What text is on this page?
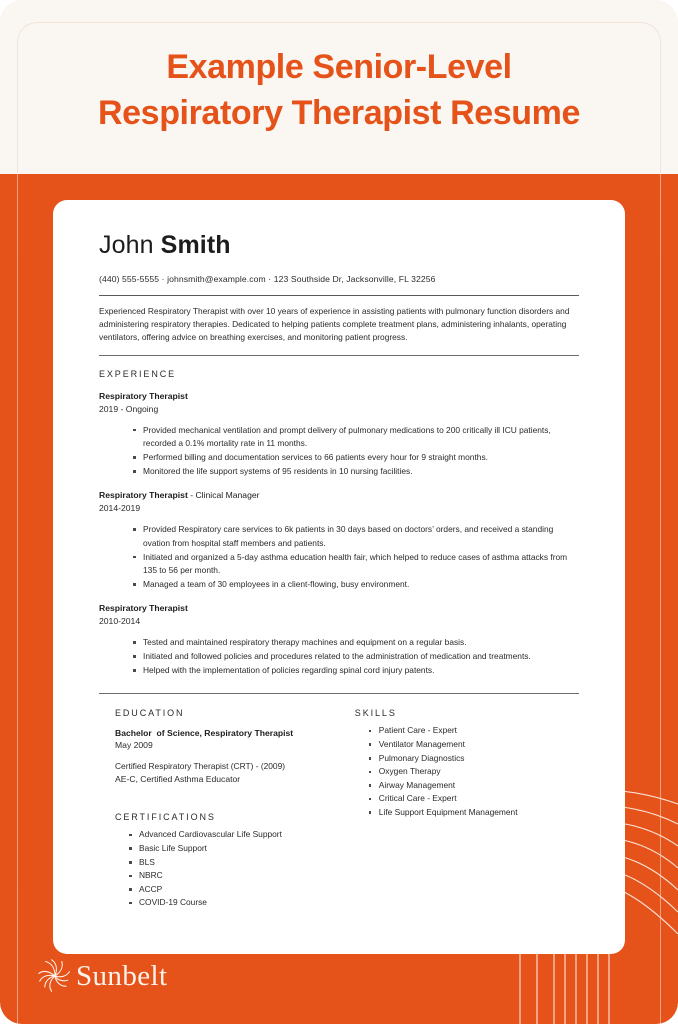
Example Senior-Level
Respiratory Therapist Resume
John Smith
(440) 555-5555 · johnsmith@example.com · 123 Southside Dr, Jacksonville, FL 32256
Experienced Respiratory Therapist with over 10 years of experience in assisting patients with pulmonary function disorders and administering respiratory therapies. Dedicated to helping patients complete treatment plans, administering inhalants, operating ventilators, offering advice on breathing exercises, and monitoring patient progress.
EXPERIENCE
Respiratory Therapist
2019 - Ongoing
Provided mechanical ventilation and prompt delivery of pulmonary medications to 200 critically ill ICU patients, recorded a 0.1% mortality rate in 11 months.
Performed billing and documentation services to 66 patients every hour for 9 straight months.
Monitored the life support systems of 95 residents in 10 nursing facilities.
Respiratory Therapist - Clinical Manager
2014-2019
Provided Respiratory care services to 6k patients in 30 days based on doctors’ orders, and received a standing ovation from hospital staff members and patients.
Initiated and organized a 5-day asthma education health fair, which helped to reduce cases of asthma attacks from 135 to 56 per month.
Managed a team of 30 employees in a client-flowing, busy environment.
Respiratory Therapist
2010-2014
Tested and maintained respiratory therapy machines and equipment on a regular basis.
Initiated and followed policies and procedures related to the administration of medication and treatments.
Helped with the implementation of policies regarding spinal cord injury patents.
EDUCATION
Bachelor  of Science, Respiratory Therapist
May 2009
Certified Respiratory Therapist (CRT) - (2009)
AE-C, Certified Asthma Educator
CERTIFICATIONS
Advanced Cardiovascular Life Support
Basic Life Support
BLS
NBRC
ACCP
COVID-19 Course
SKILLS
Patient Care - Expert
Ventilator Management
Pulmonary Diagnostics
Oxygen Therapy
Airway Management
Critical Care - Expert
Life Support Equipment Management
Sunbelt
